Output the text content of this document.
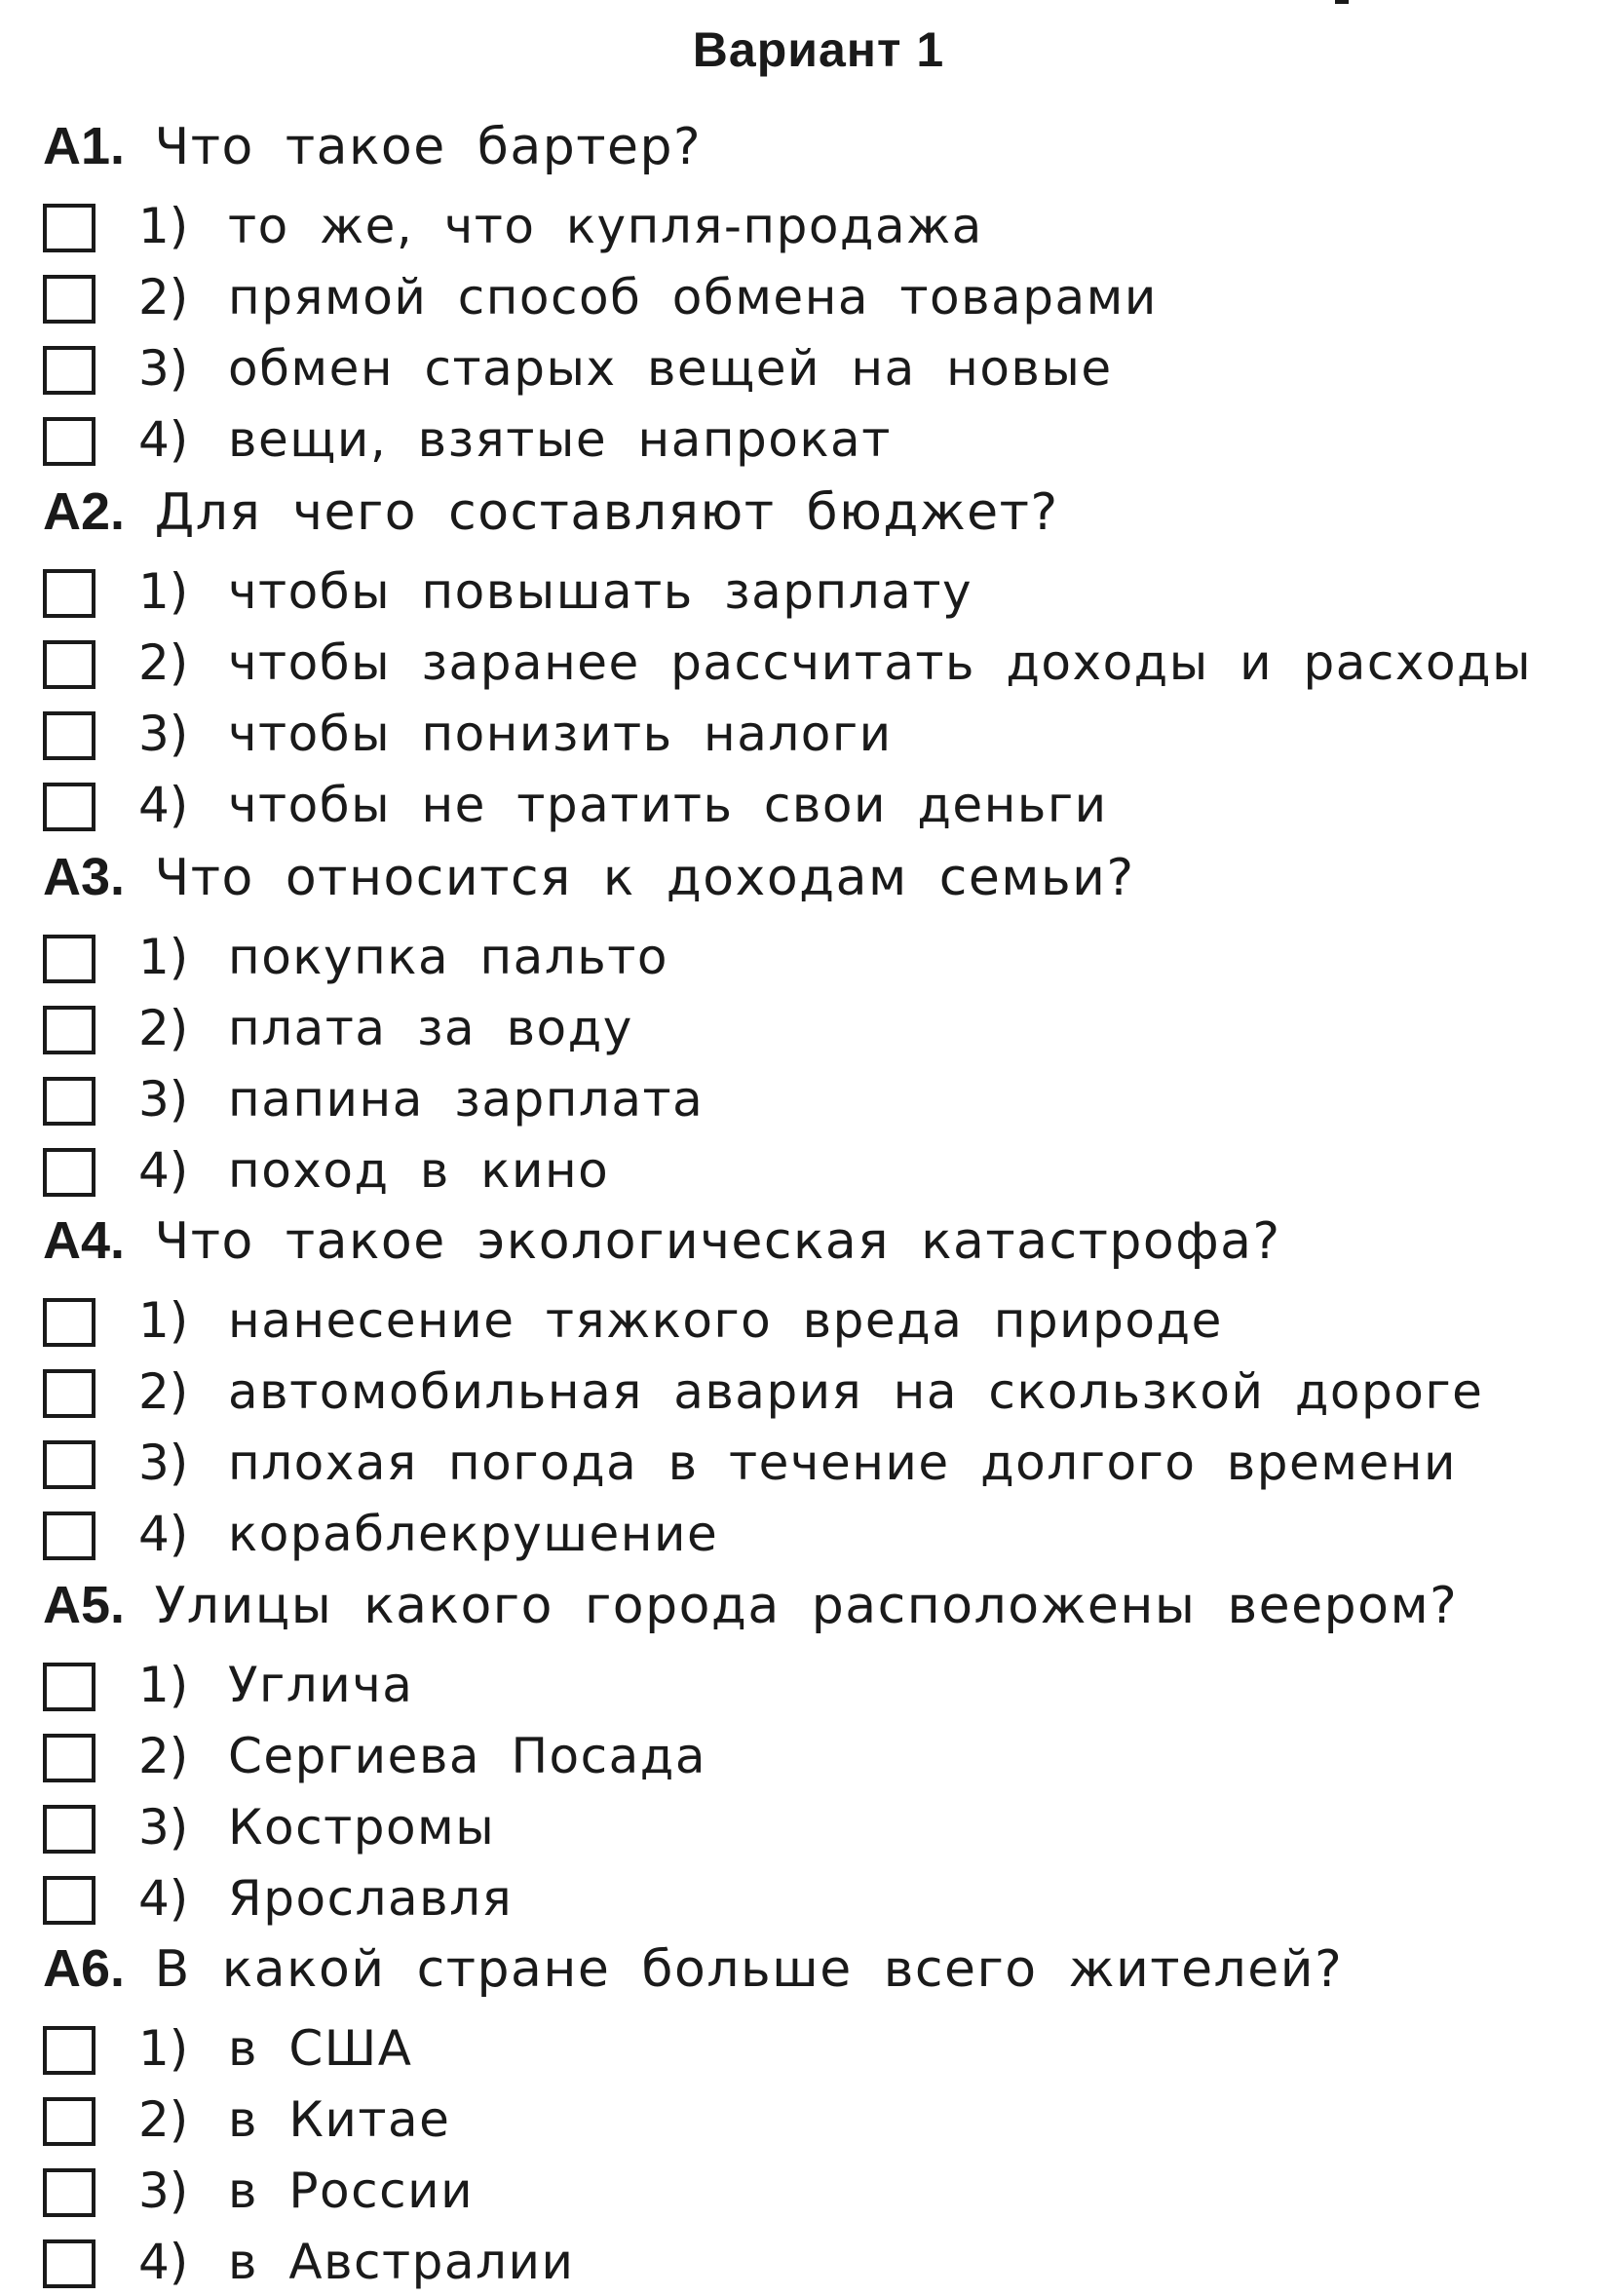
Вариант 1
А1. Что такое бартер?
1) то же, что купля-продажа
2) прямой способ обмена товарами
3) обмен старых вещей на новые
4) вещи, взятые напрокат
А2. Для чего составляют бюджет?
1) чтобы повышать зарплату
2) чтобы заранее рассчитать доходы и расходы
3) чтобы понизить налоги
4) чтобы не тратить свои деньги
А3. Что относится к доходам семьи?
1) покупка пальто
2) плата за воду
3) папина зарплата
4) поход в кино
А4. Что такое экологическая катастрофа?
1) нанесение тяжкого вреда природе
2) автомобильная авария на скользкой дороге
3) плохая погода в течение долгого времени
4) кораблекрушение
А5. Улицы какого города расположены веером?
1) Углича
2) Сергиева Посада
3) Костромы
4) Ярославля
А6. В какой стране больше всего жителей?
1) в США
2) в Китае
3) в России
4) в Австралии
